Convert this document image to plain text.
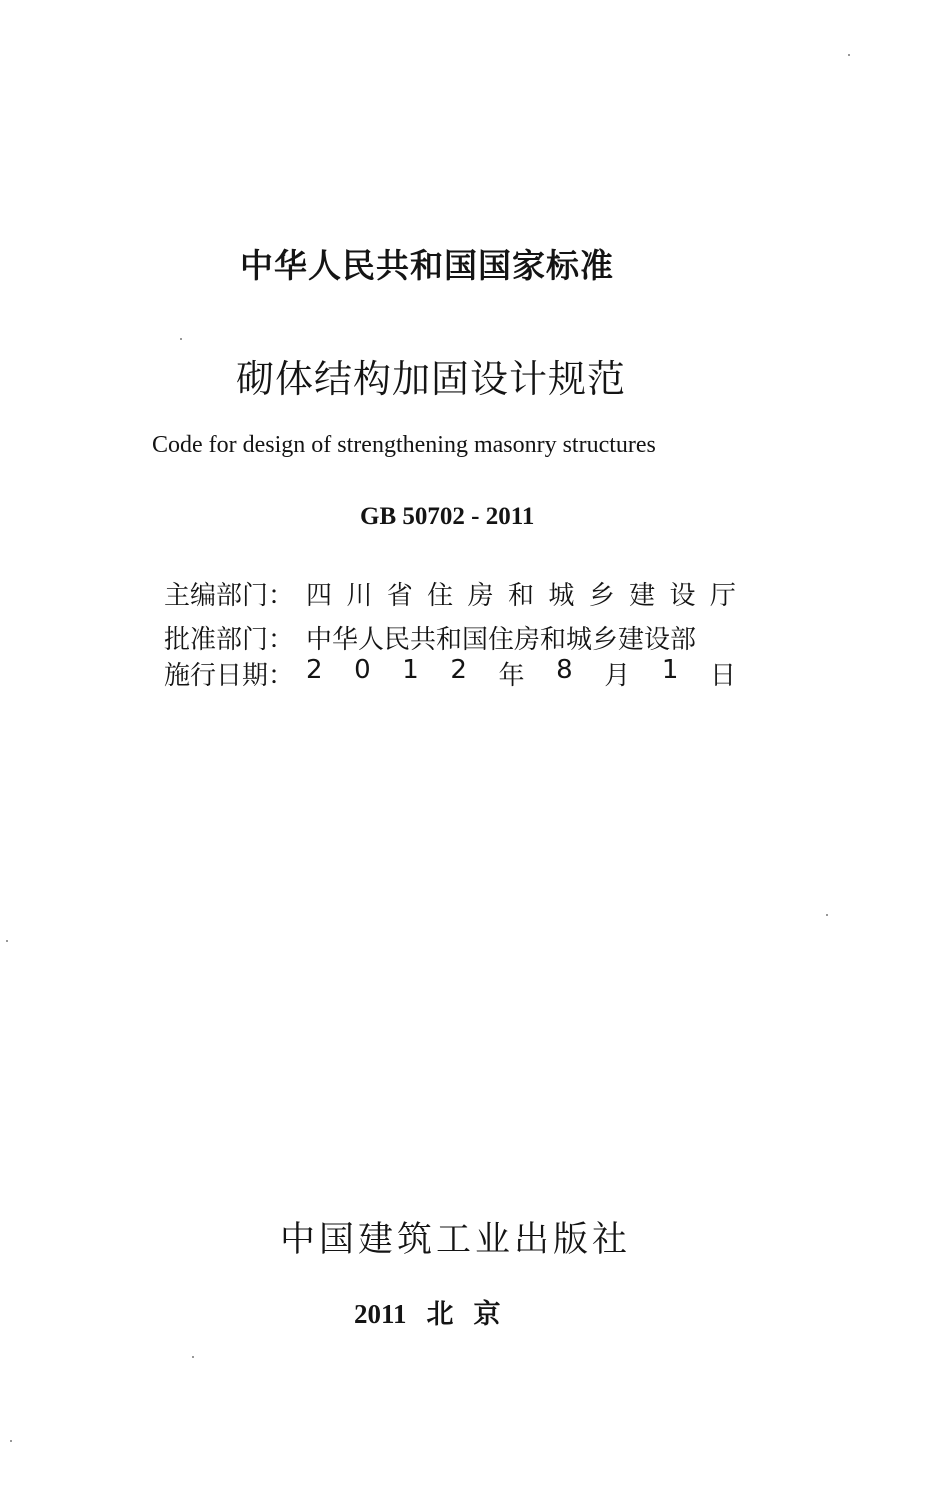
中华人民共和国国家标准
砌体结构加固设计规范
Code for design of strengthening masonry structures
GB 50702 - 2011
主编部门： 四 川 省 住 房 和 城 乡 建 设 厅
批准部门： 中华人民共和国住房和城乡建设部
施行日期： 2 0 1 2 年 8 月 1 日
中国建筑工业出版社
2011 北 京
